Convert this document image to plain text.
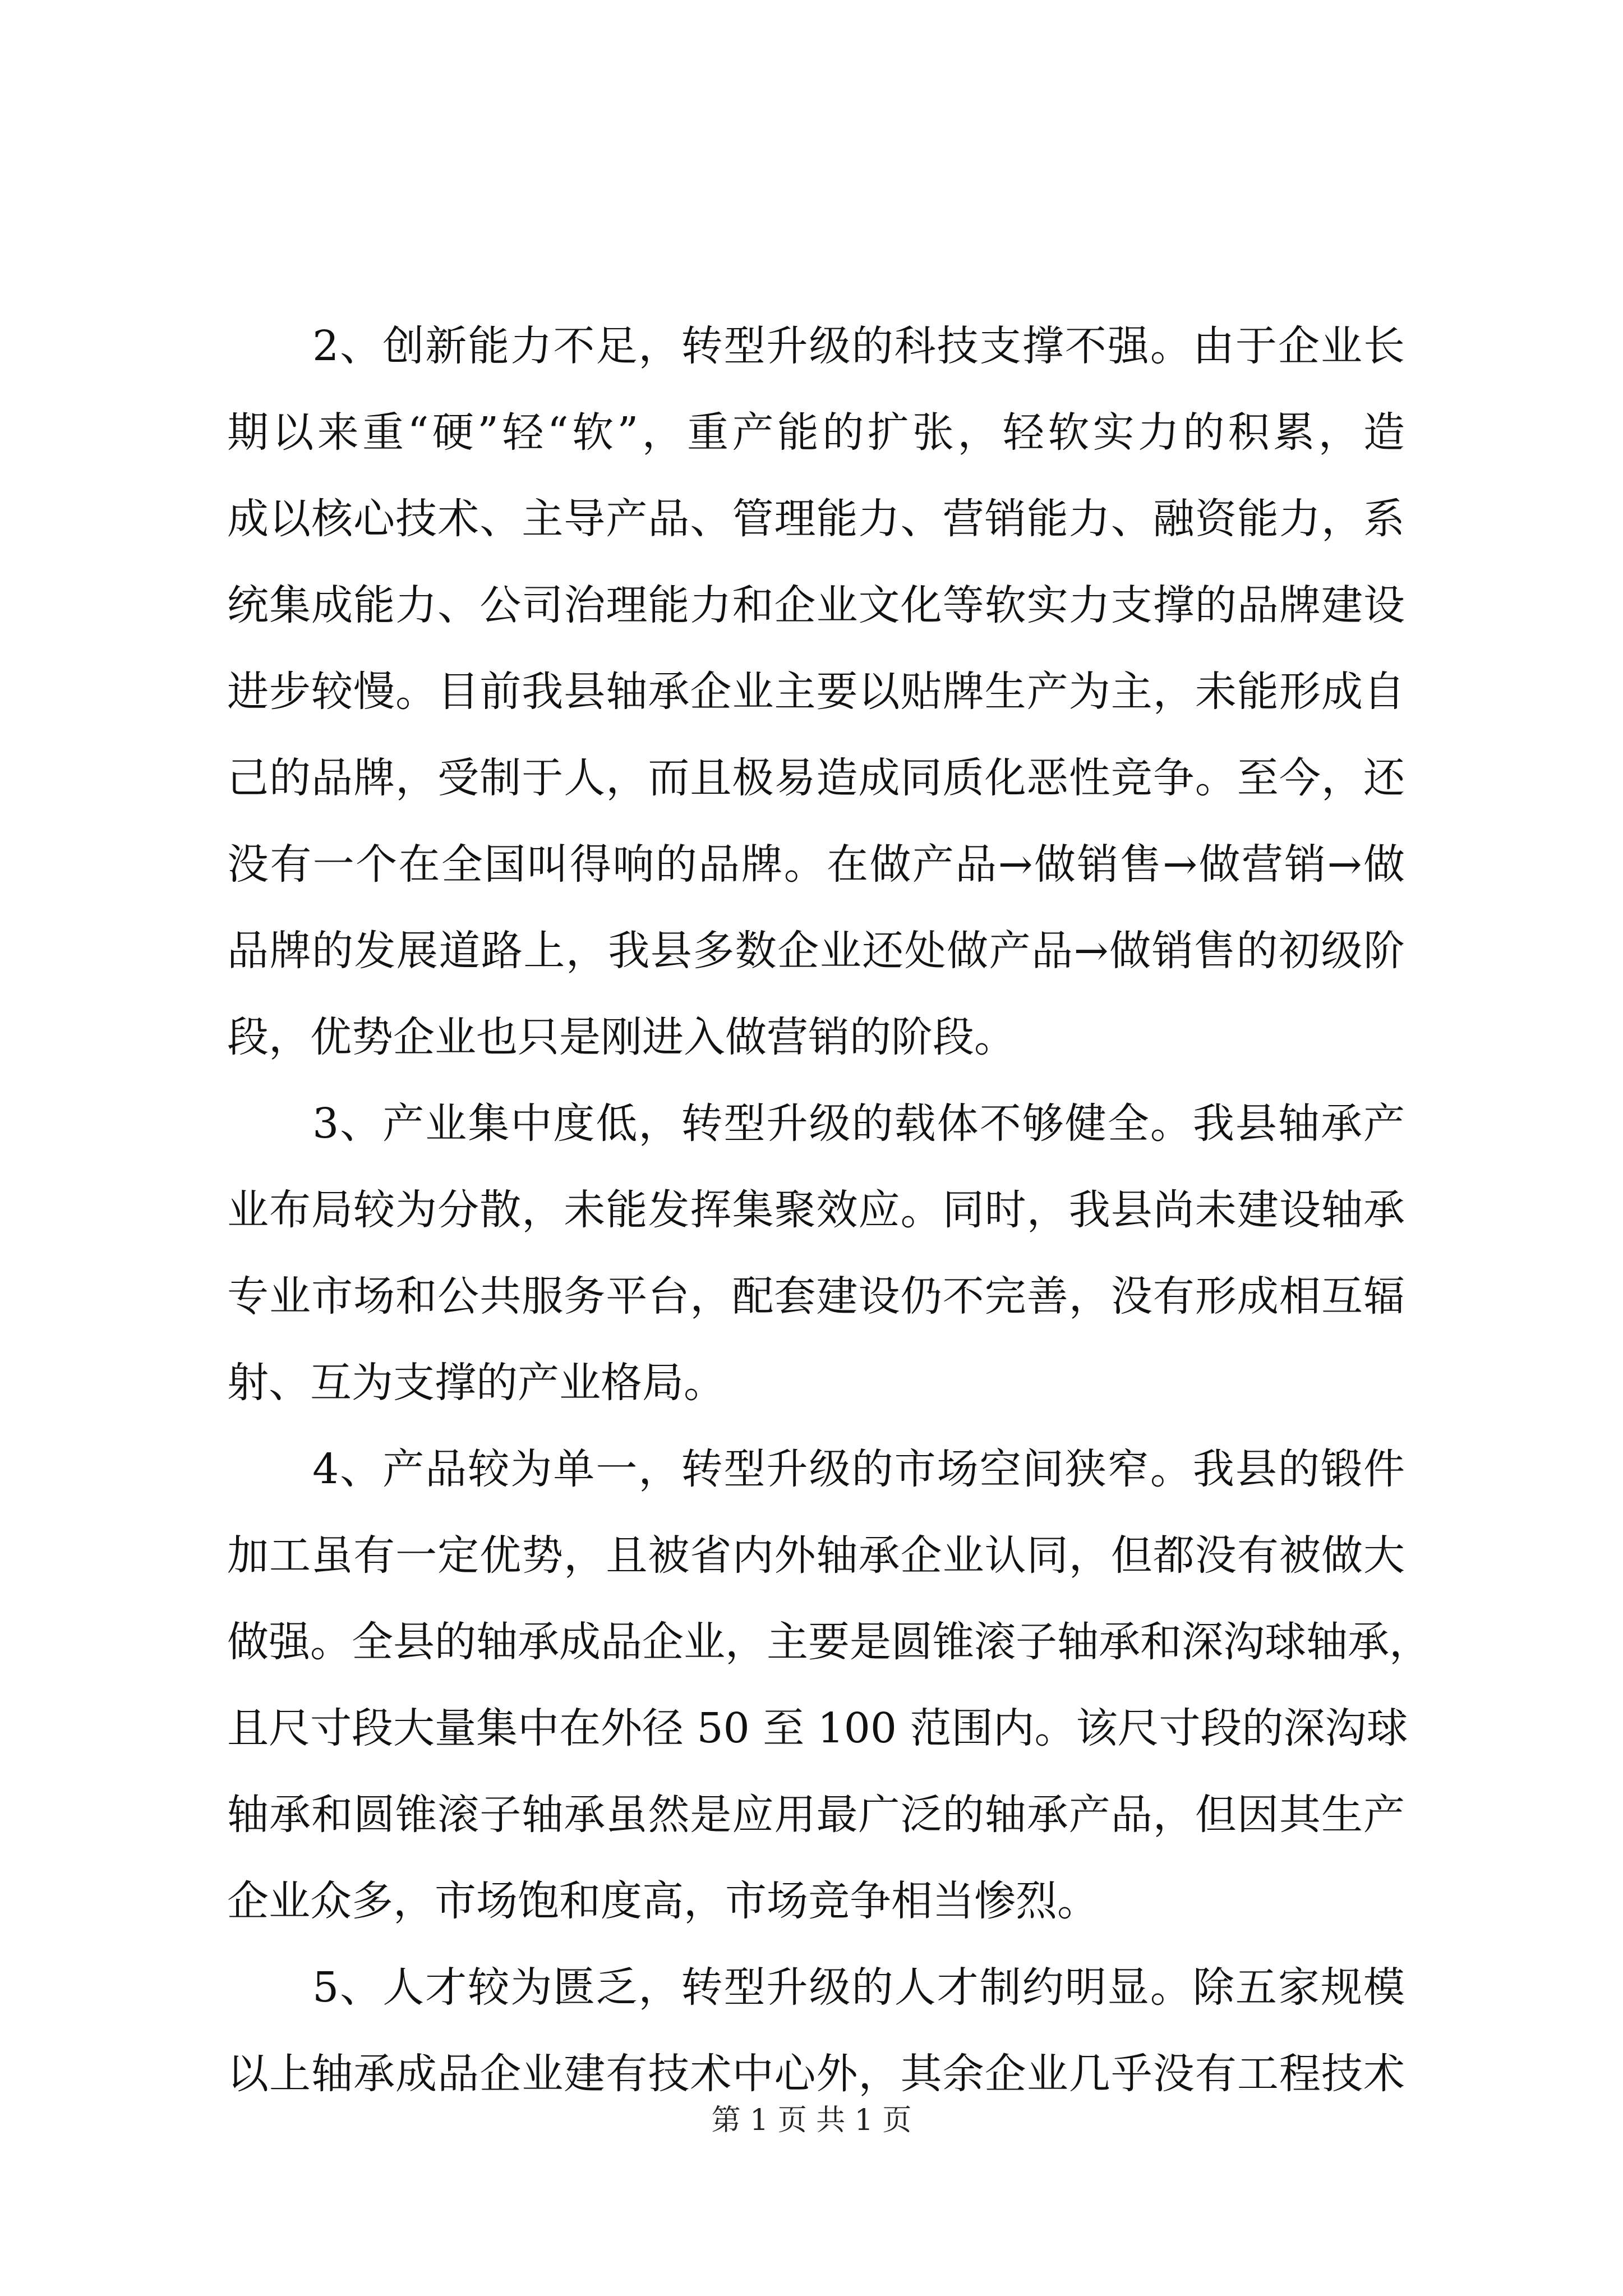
　　2、创新能力不足，转型升级的科技支撑不强。由于企业长
期以来重“硬”轻“软”，重产能的扩张，轻软实力的积累，造
成以核心技术、主导产品、管理能力、营销能力、融资能力，系
统集成能力、公司治理能力和企业文化等软实力支撑的品牌建设
进步较慢。目前我县轴承企业主要以贴牌生产为主，未能形成自
己的品牌，受制于人，而且极易造成同质化恶性竞争。至今，还
没有一个在全国叫得响的品牌。在做产品→做销售→做营销→做
品牌的发展道路上，我县多数企业还处做产品→做销售的初级阶
段，优势企业也只是刚进入做营销的阶段。
　　3、产业集中度低，转型升级的载体不够健全。我县轴承产
业布局较为分散，未能发挥集聚效应。同时，我县尚未建设轴承
专业市场和公共服务平台，配套建设仍不完善，没有形成相互辐
射、互为支撑的产业格局。
　　4、产品较为单一，转型升级的市场空间狭窄。我县的锻件
加工虽有一定优势，且被省内外轴承企业认同，但都没有被做大
做强。全县的轴承成品企业，主要是圆锥滚子轴承和深沟球轴承，
且尺寸段大量集中在外径 50 至 100 范围内。该尺寸段的深沟球
轴承和圆锥滚子轴承虽然是应用最广泛的轴承产品，但因其生产
企业众多，市场饱和度高，市场竞争相当惨烈。
　　5、人才较为匮乏，转型升级的人才制约明显。除五家规模
以上轴承成品企业建有技术中心外，其余企业几乎没有工程技术
第 1 页 共 1 页
